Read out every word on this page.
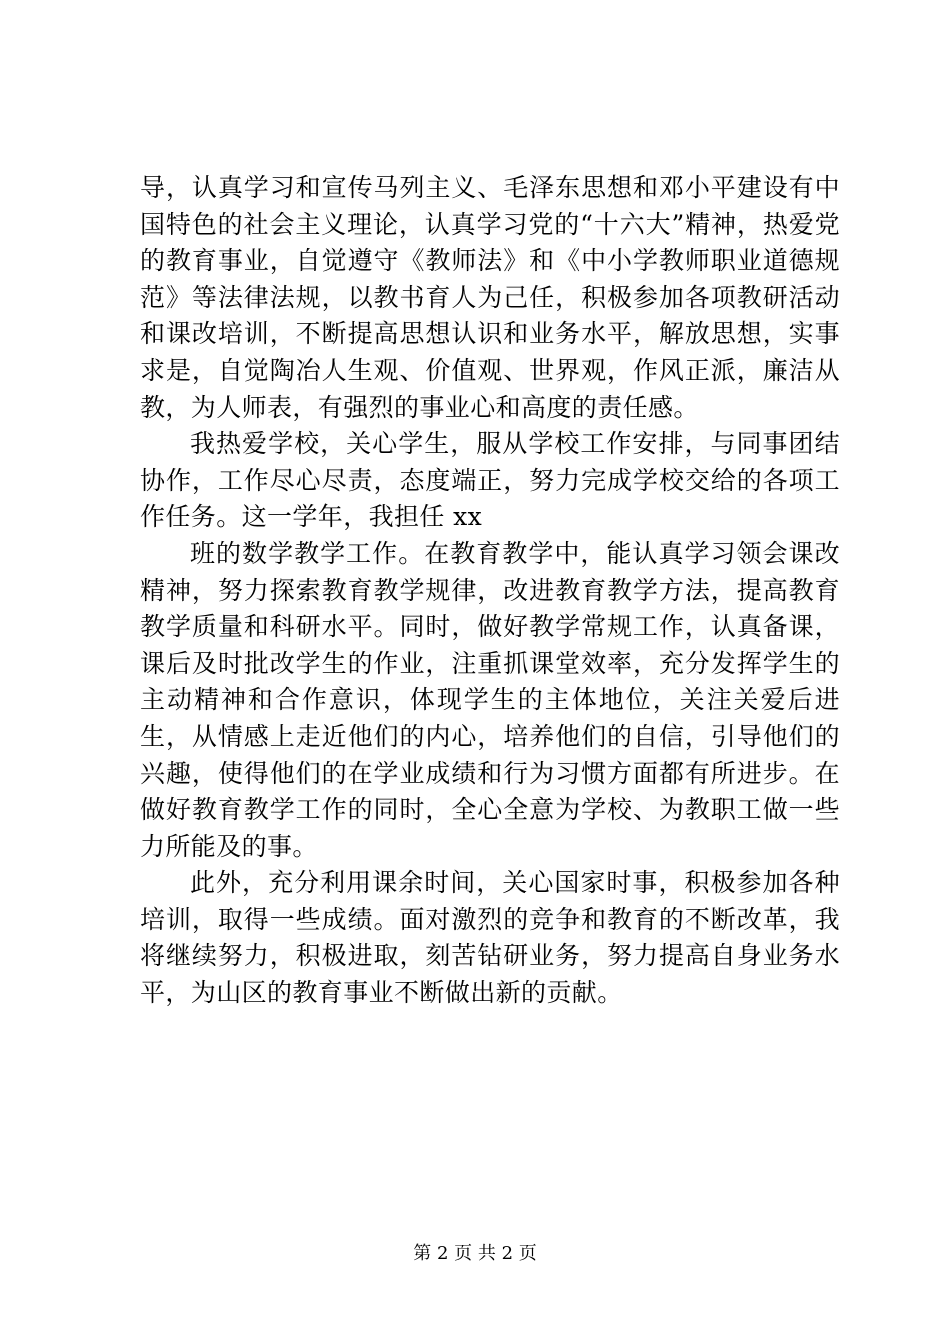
导，认真学习和宣传马列主义、毛泽东思想和邓小平建设有中国特色的社会主义理论，认真学习党的“十六大”精神，热爱党的教育事业，自觉遵守《教师法》和《中小学教师职业道德规范》等法律法规，以教书育人为己任，积极参加各项教研活动和课改培训，不断提高思想认识和业务水平，解放思想，实事求是，自觉陶冶人生观、价值观、世界观，作风正派，廉洁从教，为人师表，有强烈的事业心和高度的责任感。

我热爱学校，关心学生，服从学校工作安排，与同事团结协作，工作尽心尽责，态度端正，努力完成学校交给的各项工作任务。这一学年，我担任 xx

班的数学教学工作。在教育教学中，能认真学习领会课改精神，努力探索教育教学规律，改进教育教学方法，提高教育教学质量和科研水平。同时，做好教学常规工作，认真备课，课后及时批改学生的作业，注重抓课堂效率，充分发挥学生的主动精神和合作意识，体现学生的主体地位，关注关爱后进生，从情感上走近他们的内心，培养他们的自信，引导他们的兴趣，使得他们的在学业成绩和行为习惯方面都有所进步。在做好教育教学工作的同时，全心全意为学校、为教职工做一些力所能及的事。

此外，充分利用课余时间，关心国家时事，积极参加各种培训，取得一些成绩。面对激烈的竞争和教育的不断改革，我将继续努力，积极进取，刻苦钻研业务，努力提高自身业务水平，为山区的教育事业不断做出新的贡献。

第 2 页 共 2 页
